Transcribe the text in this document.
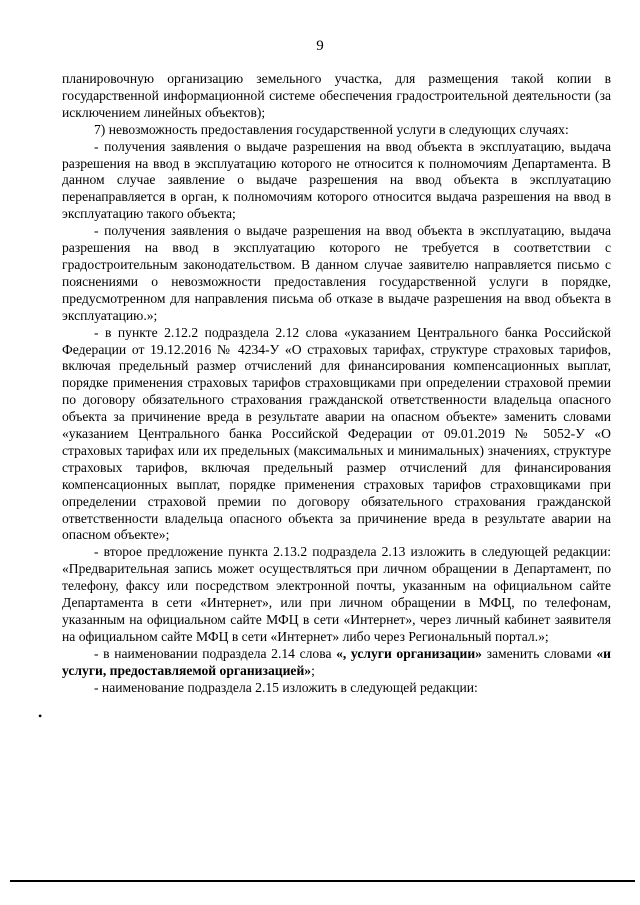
9

планировочную организацию земельного участка, для размещения такой копии в государственной информационной системе обеспечения градостроительной деятельности (за исключением линейных объектов);

7) невозможность предоставления государственной услуги в следующих случаях:

- получения заявления о выдаче разрешения на ввод объекта в эксплуатацию, выдача разрешения на ввод в эксплуатацию которого не относится к полномочиям Департамента. В данном случае заявление о выдаче разрешения на ввод объекта в эксплуатацию перенаправляется в орган, к полномочиям которого относится выдача разрешения на ввод в эксплуатацию такого объекта;

- получения заявления о выдаче разрешения на ввод объекта в эксплуатацию, выдача разрешения на ввод в эксплуатацию которого не требуется в соответствии с градостроительным законодательством. В данном случае заявителю направляется письмо с пояснениями о невозможности предоставления государственной услуги в порядке, предусмотренном для направления письма об отказе в выдаче разрешения на ввод объекта в эксплуатацию.»;

- в пункте 2.12.2 подраздела 2.12 слова «указанием Центрального банка Российской Федерации от 19.12.2016 № 4234-У «О страховых тарифах, структуре страховых тарифов, включая предельный размер отчислений для финансирования компенсационных выплат, порядке применения страховых тарифов страховщиками при определении страховой премии по договору обязательного страхования гражданской ответственности владельца опасного объекта за причинение вреда в результате аварии на опасном объекте» заменить словами «указанием Центрального банка Российской Федерации от 09.01.2019 № 5052-У «О страховых тарифах или их предельных (максимальных и минимальных) значениях, структуре страховых тарифов, включая предельный размер отчислений для финансирования компенсационных выплат, порядке применения страховых тарифов страховщиками при определении страховой премии по договору обязательного страхования гражданской ответственности владельца опасного объекта за причинение вреда в результате аварии на опасном объекте»;

- второе предложение пункта 2.13.2 подраздела 2.13 изложить в следующей редакции: «Предварительная запись может осуществляться при личном обращении в Департамент, по телефону, факсу или посредством электронной почты, указанным на официальном сайте Департамента в сети «Интернет», или при личном обращении в МФЦ, по телефонам, указанным на официальном сайте МФЦ в сети «Интернет», через личный кабинет заявителя на официальном сайте МФЦ в сети «Интернет» либо через Региональный портал.»;

- в наименовании подраздела 2.14 слова «, услуги организации» заменить словами «и услуги, предоставляемой организацией»;

- наименование подраздела 2.15 изложить в следующей редакции:

•
